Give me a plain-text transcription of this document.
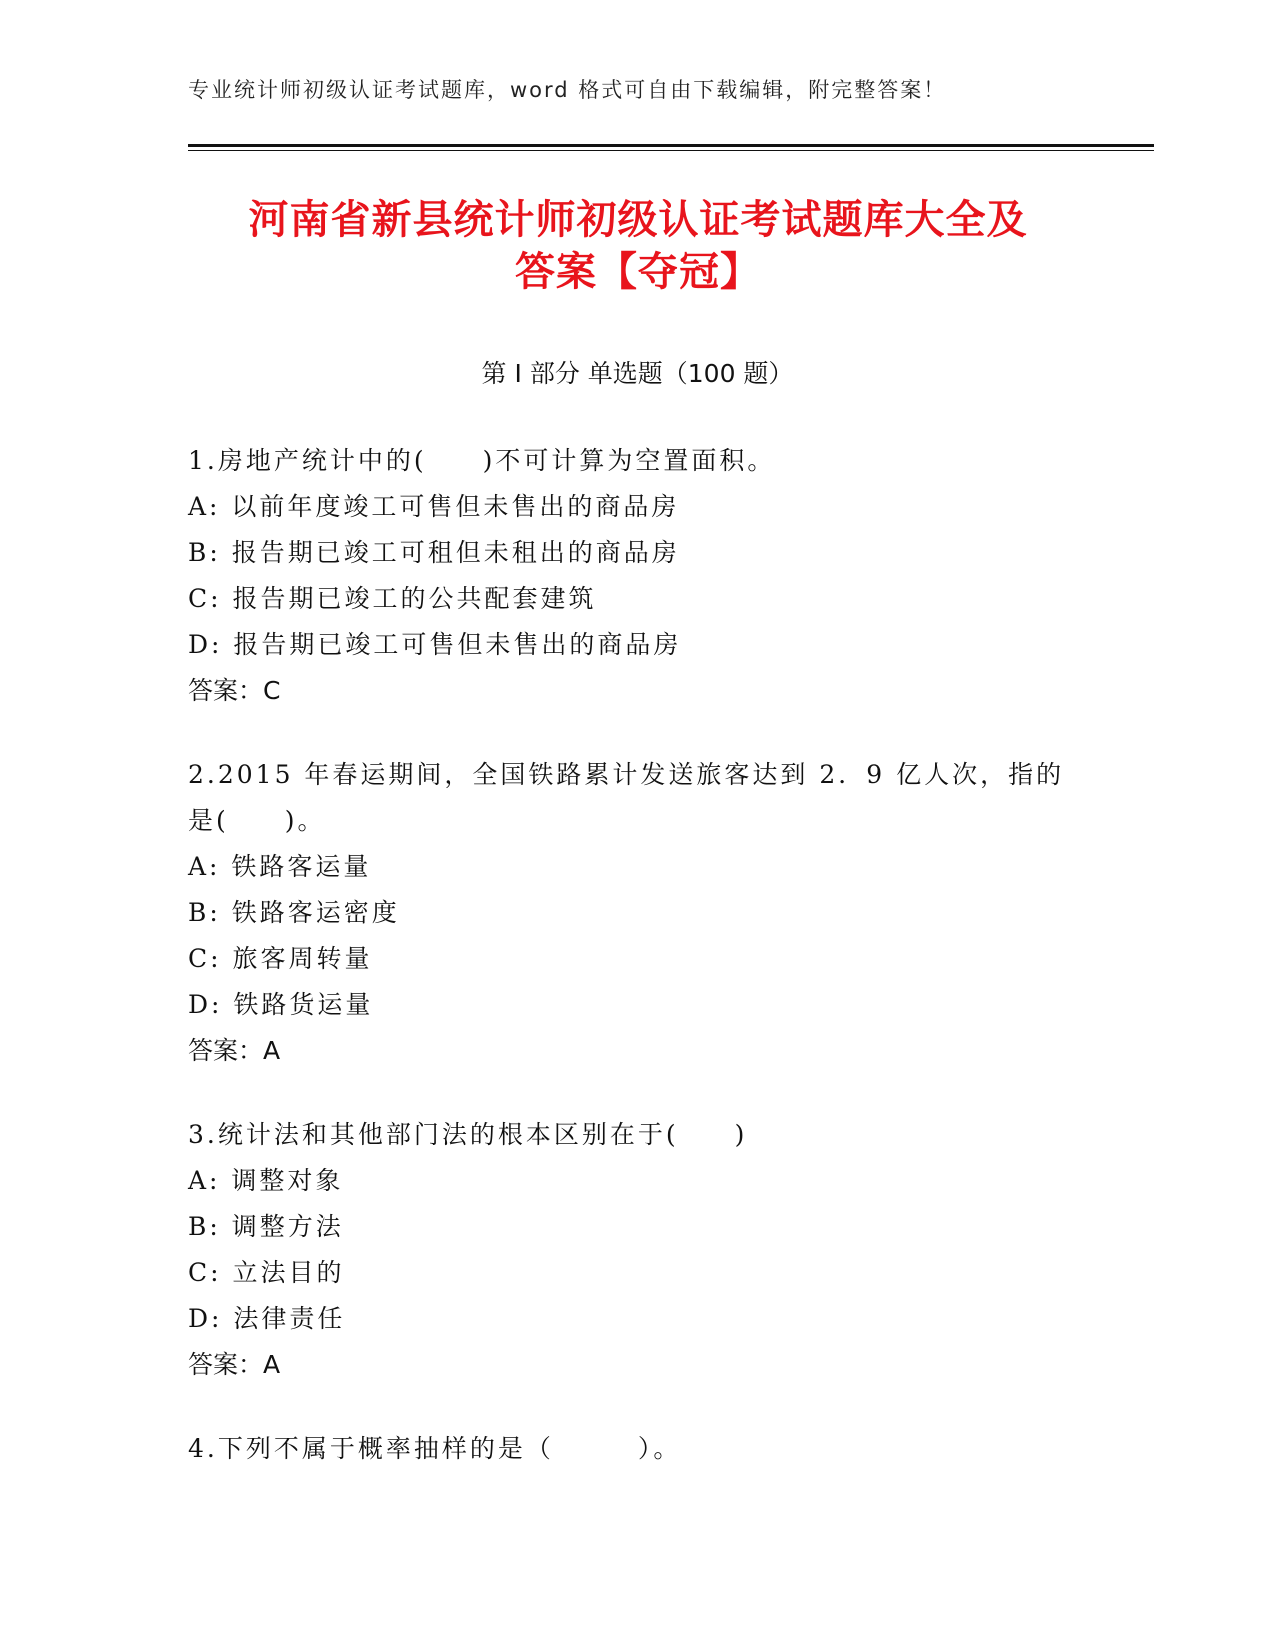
专业统计师初级认证考试题库，word 格式可自由下载编辑，附完整答案！
河南省新县统计师初级认证考试题库大全及
答案【夺冠】
第 I 部分 单选题（100 题）

1.房地产统计中的(　　)不可计算为空置面积。

A: 以前年度竣工可售但未售出的商品房

B: 报告期已竣工可租但未租出的商品房

C: 报告期已竣工的公共配套建筑

D: 报告期已竣工可售但未售出的商品房

答案：C

2.2015 年春运期间，全国铁路累计发送旅客达到 2．9 亿人次，指的是(　　)。

A: 铁路客运量

B: 铁路客运密度

C: 旅客周转量

D: 铁路货运量

答案：A

3.统计法和其他部门法的根本区别在于(　　)

A: 调整对象

B: 调整方法

C: 立法目的

D: 法律责任

答案：A

4.下列不属于概率抽样的是（　　　）。
